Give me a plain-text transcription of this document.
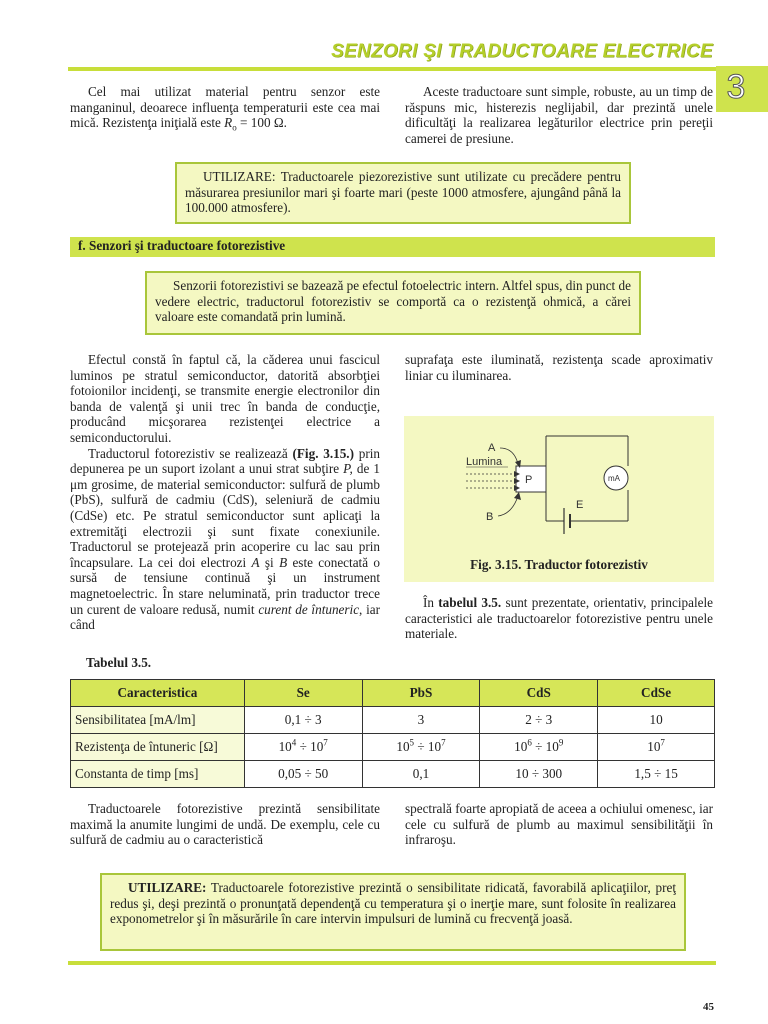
SENZORI ŞI TRADUCTOARE ELECTRICE
3
Cel mai utilizat material pentru senzor este manganinul, deoarece influenţa temperaturii este cea mai mică. Rezistenţa iniţială este $R_o = 100$ Ω.
Aceste traductoare sunt simple, robuste, au un timp de răspuns mic, histerezis neglijabil, dar prezintă unele dificultăţi la realizarea legăturilor electrice prin pereţii camerei de presiune.
UTILIZARE: Traductoarele piezorezistive sunt utilizate cu precădere pentru măsurarea presiunilor mari şi foarte mari (peste 1000 atmosfere, ajungând până la 100.000 atmosfere).
f. Senzori şi traductoare fotorezistive
Senzorii fotorezistivi se bazează pe efectul fotoelectric intern. Altfel spus, din punct de vedere electric, traductorul fotorezistiv se comportă ca o rezistenţă ohmică, a cărei valoare este comandată prin lumină.
Efectul constă în faptul că, la căderea unui fascicul luminos pe stratul semiconductor, datorită absorbţiei fotoionilor incidenţi, se transmite energie electronilor din banda de valenţă şi unii trec în banda de conducţie, producând micşorarea rezistenţei electrice a semiconductorului.
Traductorul fotorezistiv se realizează (Fig. 3.15.) prin depunerea pe un suport izolant a unui strat subţire P, de 1 μm grosime, de material semiconductor: sulfură de plumb (PbS), sulfură de cadmiu (CdS), seleniură de cadmiu (CdSe) etc. Pe stratul semiconductor sunt aplicaţi la extremităţi electrozii şi sunt fixate conexiunile. Traductorul se protejează prin acoperire cu lac sau prin încapsulare. La cei doi electrozi A şi B este conectată o sursă de tensiune continuă şi un instrument magnetoelectric. În stare neluminată, prin traductor trece un curent de valoare redusă, numit curent de întuneric, iar când
suprafaţa este iluminată, rezistenţa scade aproximativ liniar cu iluminarea.
P	mA
E
A
Lumina
B
Fig. 3.15. Traductor fotorezistiv
În tabelul 3.5. sunt prezentate, orientativ, principalele caracteristici ale traductoarelor fotorezistive pentru unele materiale.
Tabelul 3.5.
Caracteristica	Se	PbS	CdS	CdSe
Sensibilitatea [mA/lm]	0,1 ÷ 3	3	2 ÷ 3	10
Rezistenţa de întuneric [Ω]	$10^4 \div 10^7$	$10^5 \div 10^7$	$10^6 \div 10^9$	$10^7$
Constanta de timp [ms]	0,05 ÷ 50	0,1	10 ÷ 300	1,5 ÷ 15
Traductoarele fotorezistive prezintă sensibilitate maximă la anumite lungimi de undă. De exemplu, cele cu sulfură de cadmiu au o caracteristică
spectrală foarte apropiată de aceea a ochiului omenesc, iar cele cu sulfură de plumb au maximul sensibilităţii în infraroşu.
UTILIZARE: Traductoarele fotorezistive prezintă o sensibilitate ridicată, favorabilă aplicaţiilor, preţ redus şi, deşi prezintă o pronunţată dependenţă cu temperatura şi o inerţie mare, sunt folosite în realizarea exponometrelor şi în măsurările în care intervin impulsuri de lumină cu frecvenţă joasă.
45
